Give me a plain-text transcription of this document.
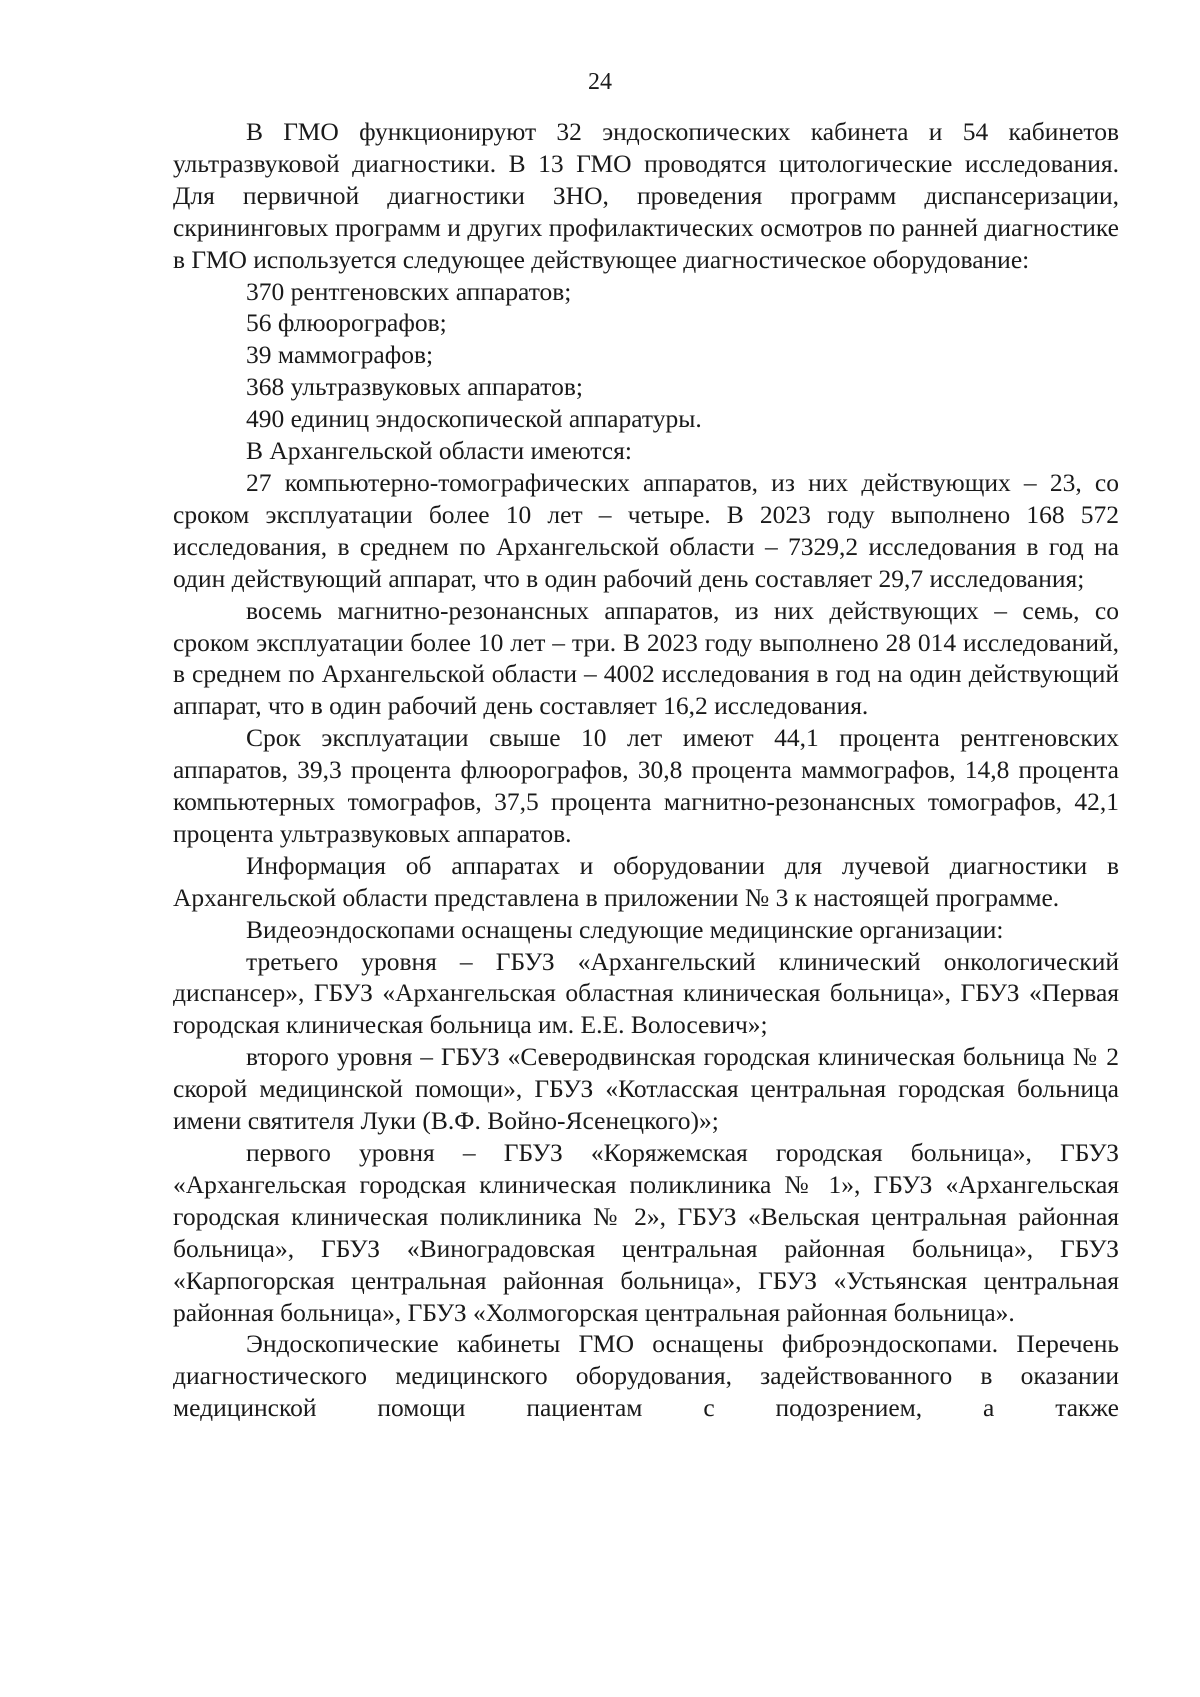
24

В ГМО функционируют 32 эндоскопических кабинета и 54 кабинетов ультразвуковой диагностики. В 13 ГМО проводятся цитологические исследования. Для первичной диагностики ЗНО, проведения программ диспансеризации, скрининговых программ и других профилактических осмотров по ранней диагностике в ГМО используется следующее действующее диагностическое оборудование:

370 рентгеновских аппаратов;

56 флюорографов;

39 маммографов;

368 ультразвуковых аппаратов;

490 единиц эндоскопической аппаратуры.

В Архангельской области имеются:

27 компьютерно-томографических аппаратов, из них действующих – 23, со сроком эксплуатации более 10 лет – четыре. В 2023 году выполнено 168 572 исследования, в среднем по Архангельской области – 7329,2 исследования в год на один действующий аппарат, что в один рабочий день составляет 29,7 исследования;

восемь магнитно-резонансных аппаратов, из них действующих – семь, со сроком эксплуатации более 10 лет – три. В 2023 году выполнено 28 014 исследований, в среднем по Архангельской области – 4002 исследования в год на один действующий аппарат, что в один рабочий день составляет 16,2 исследования.

Срок эксплуатации свыше 10 лет имеют 44,1 процента рентгеновских аппаратов, 39,3 процента флюорографов, 30,8 процента маммографов, 14,8 процента компьютерных томографов, 37,5 процента магнитно-резонансных томографов, 42,1 процента ультразвуковых аппаратов.

Информация об аппаратах и оборудовании для лучевой диагностики в Архангельской области представлена в приложении № 3 к настоящей программе.

Видеоэндоскопами оснащены следующие медицинские организации:

третьего уровня – ГБУЗ «Архангельский клинический онкологический диспансер», ГБУЗ «Архангельская областная клиническая больница», ГБУЗ «Первая городская клиническая больница им. Е.Е. Волосевич»;

второго уровня – ГБУЗ «Северодвинская городская клиническая больница № 2 скорой медицинской помощи», ГБУЗ «Котласская центральная городская больница имени святителя Луки (В.Ф. Войно-Ясенецкого)»;

первого уровня – ГБУЗ «Коряжемская городская больница», ГБУЗ «Архангельская городская клиническая поликлиника № 1», ГБУЗ «Архангельская городская клиническая поликлиника № 2», ГБУЗ «Вельская центральная районная больница», ГБУЗ «Виноградовская центральная районная больница», ГБУЗ «Карпогорская центральная районная больница», ГБУЗ «Устьянская центральная районная больница», ГБУЗ «Холмогорская центральная районная больница».

Эндоскопические кабинеты ГМО оснащены фиброэндоскопами. Перечень диагностического медицинского оборудования, задействованного в оказании медицинской помощи пациентам с подозрением, а также
